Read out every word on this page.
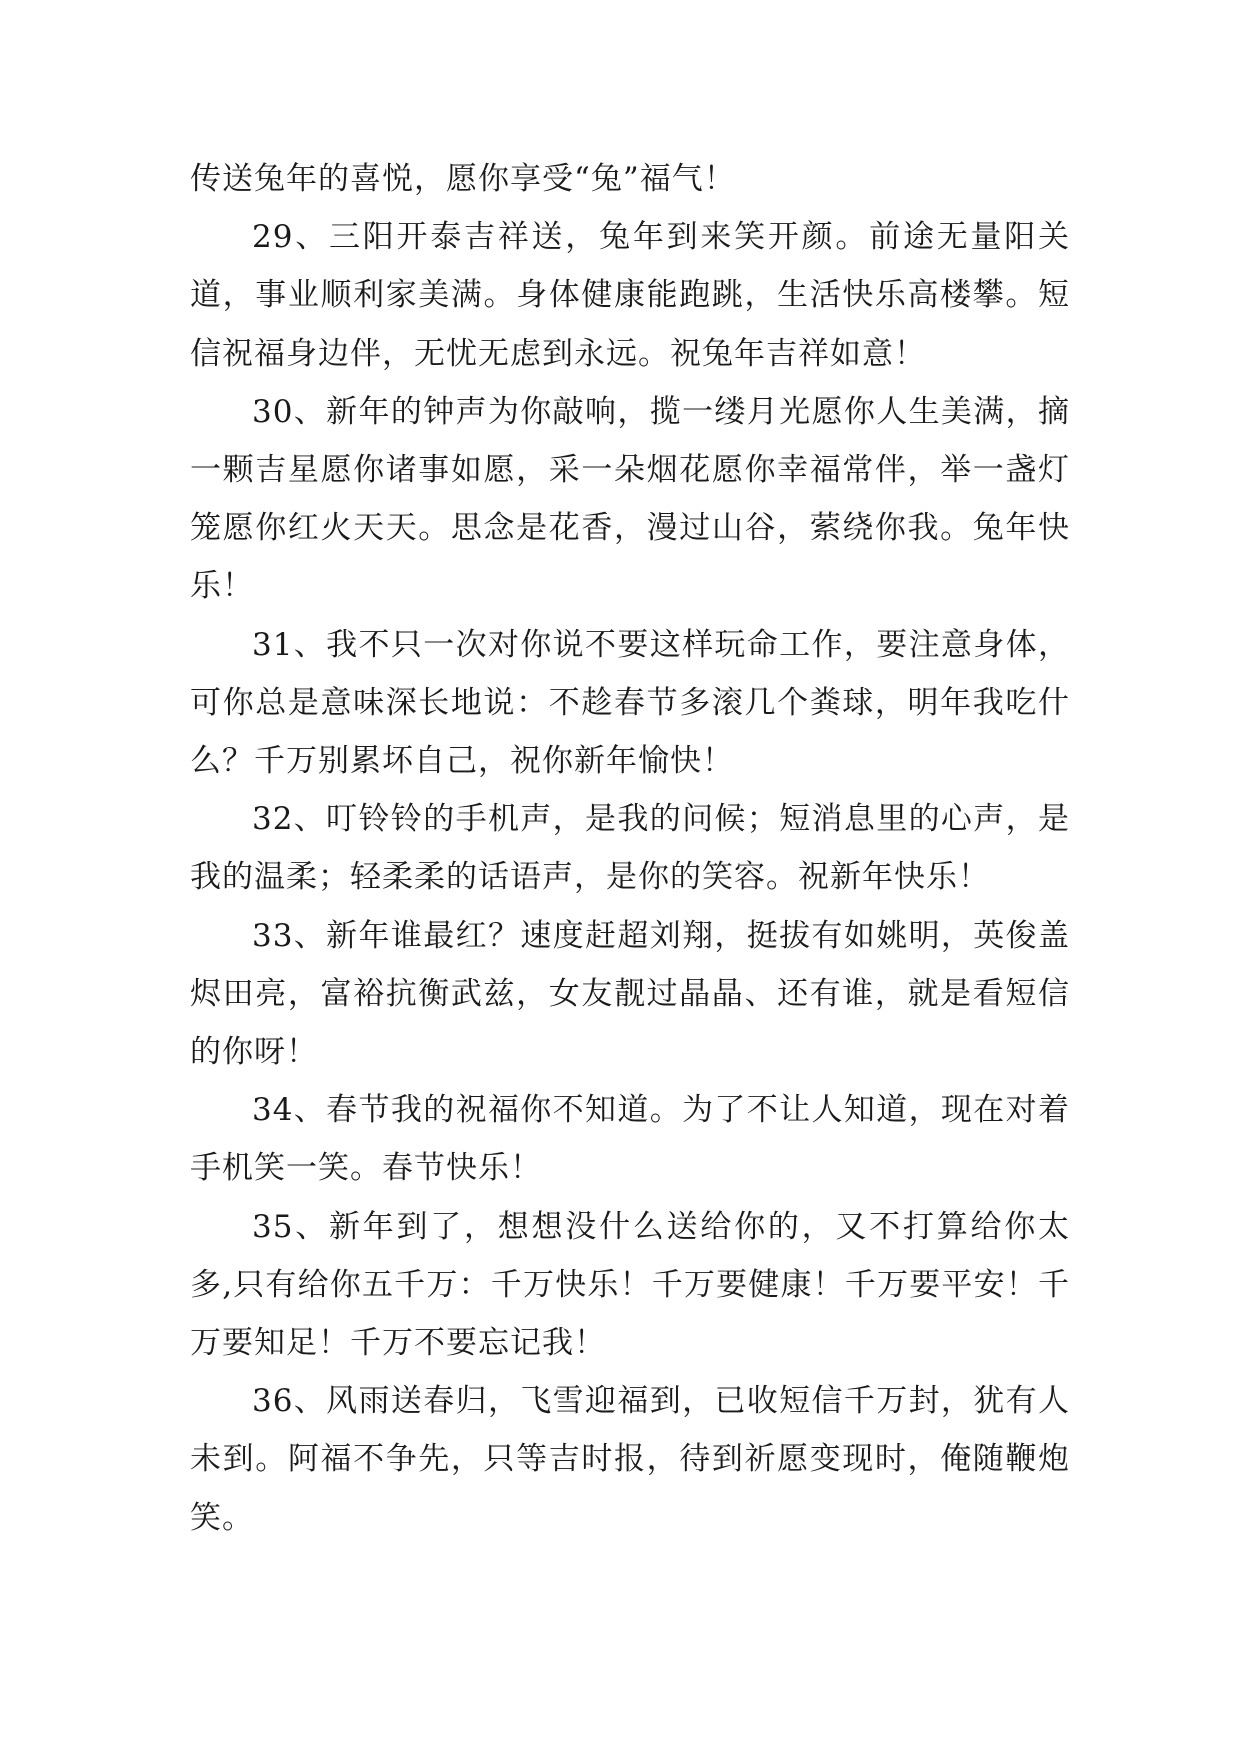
传送兔年的喜悦，愿你享受“兔”福气！

29、三阳开泰吉祥送，兔年到来笑开颜。前途无量阳关道，事业顺利家美满。身体健康能跑跳，生活快乐高楼攀。短信祝福身边伴，无忧无虑到永远。祝兔年吉祥如意！

30、新年的钟声为你敲响，揽一缕月光愿你人生美满，摘一颗吉星愿你诸事如愿，采一朵烟花愿你幸福常伴，举一盏灯笼愿你红火天天。思念是花香，漫过山谷，萦绕你我。兔年快乐！

31、我不只一次对你说不要这样玩命工作，要注意身体，可你总是意味深长地说：不趁春节多滚几个粪球，明年我吃什么？千万别累坏自己，祝你新年愉快！

32、叮铃铃的手机声，是我的问候；短消息里的心声，是我的温柔；轻柔柔的话语声，是你的笑容。祝新年快乐！

33、新年谁最红？速度赶超刘翔，挺拔有如姚明，英俊盖烬田亮，富裕抗衡武兹，女友靓过晶晶、还有谁，就是看短信的你呀！

34、春节我的祝福你不知道。为了不让人知道，现在对着手机笑一笑。春节快乐！

35、新年到了，想想没什么送给你的，又不打算给你太多,只有给你五千万：千万快乐！千万要健康！千万要平安！千万要知足！千万不要忘记我！

36、风雨送春归，飞雪迎福到，已收短信千万封，犹有人未到。阿福不争先，只等吉时报，待到祈愿变现时，俺随鞭炮笑。
